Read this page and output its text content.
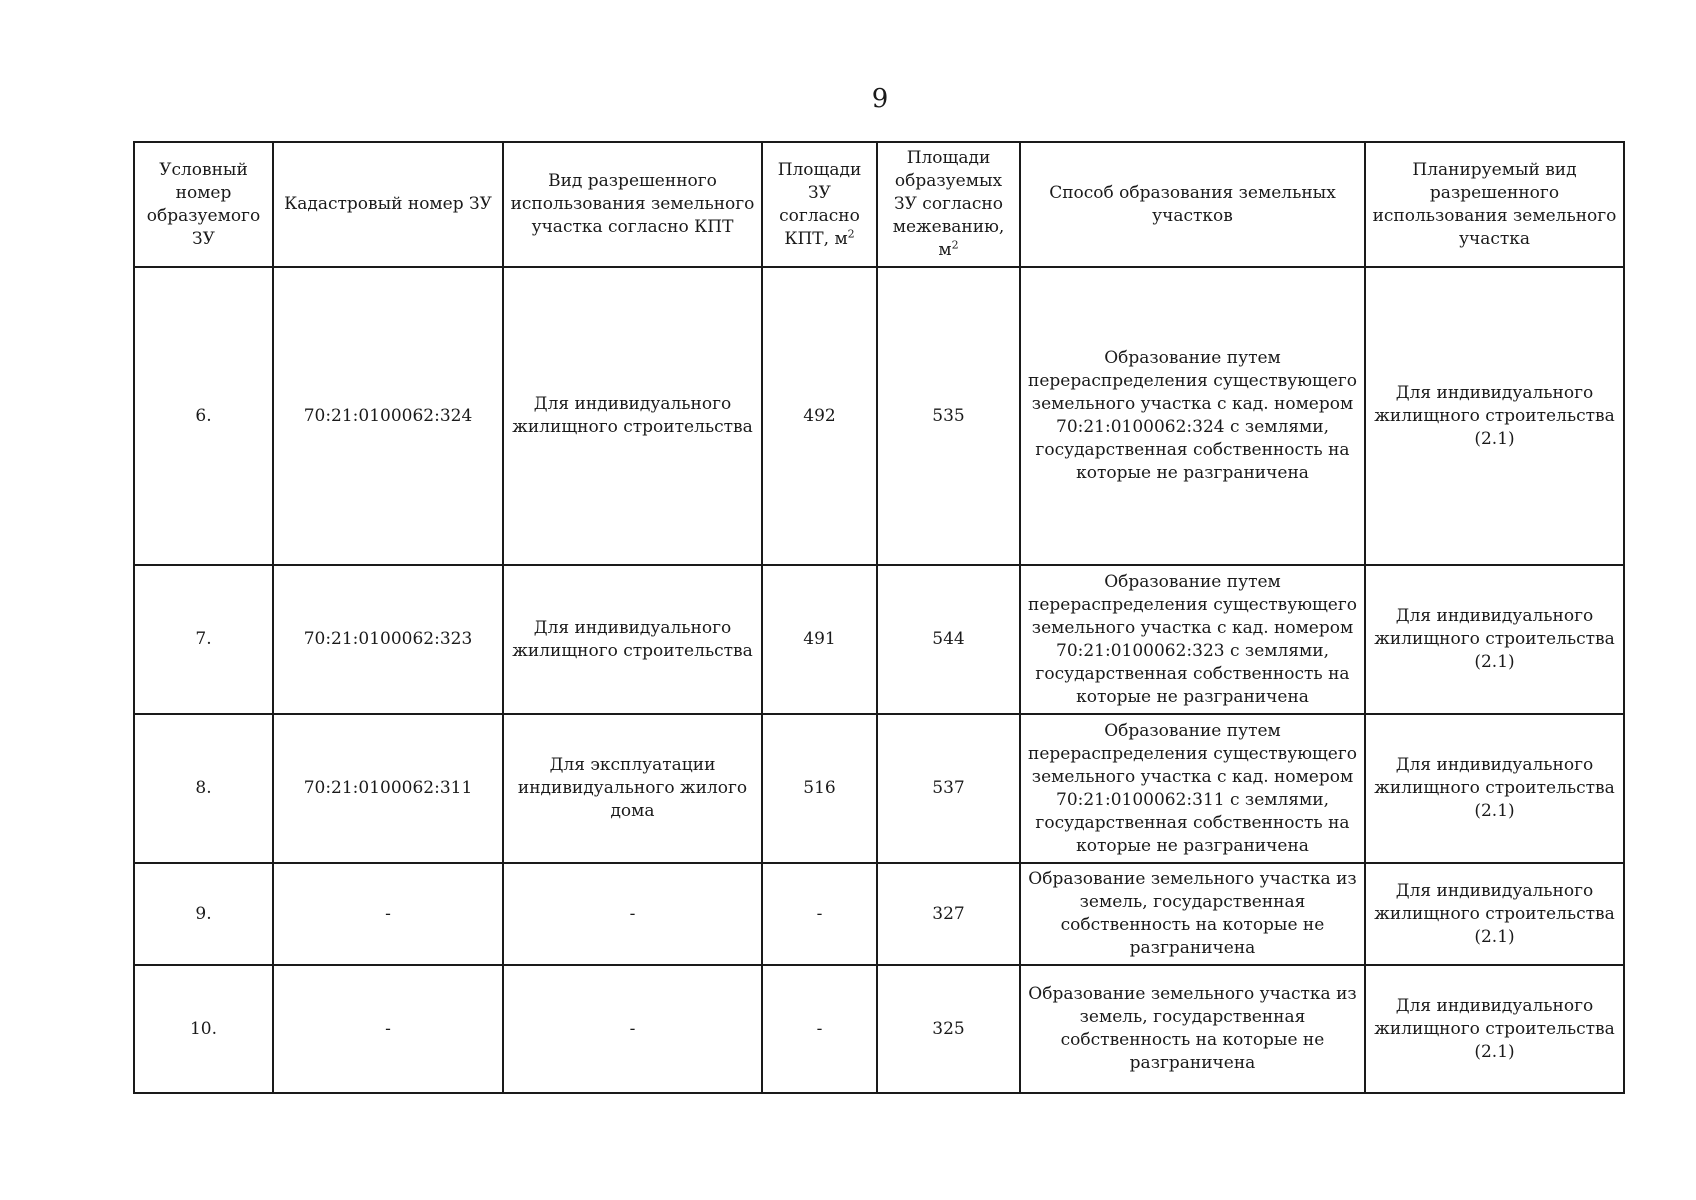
9
Условный номер образуемого ЗУ	Кадастровый номер ЗУ	Вид разрешенного использования земельного участка согласно КПТ	Площади ЗУ согласно КПТ, $м^2$	Площади образуемых ЗУ согласно межеванию, $м^2$	Способ образования земельных участков	Планируемый вид разрешенного использования земельного участка
6.	70:21:0100062:324	Для индивидуального жилищного строительства	492	535	Образование путем перераспределения существующего земельного участка с кад. номером 70:21:0100062:324 с землями, государственная собственность на которые не разграничена	Для индивидуального жилищного строительства (2.1)
7.	70:21:0100062:323	Для индивидуального жилищного строительства	491	544	Образование путем перераспределения существующего земельного участка с кад. номером 70:21:0100062:323 с землями, государственная собственность на которые не разграничена	Для индивидуального жилищного строительства (2.1)
8.	70:21:0100062:311	Для эксплуатации индивидуального жилого дома	516	537	Образование путем перераспределения существующего земельного участка с кад. номером 70:21:0100062:311 с землями, государственная собственность на которые не разграничена	Для индивидуального жилищного строительства (2.1)
9.	-	-	-	327	Образование земельного участка из земель, государственная собственность на которые не разграничена	Для индивидуального жилищного строительства (2.1)
10.	-	-	-	325	Образование земельного участка из земель, государственная собственность на которые не разграничена	Для индивидуального жилищного строительства (2.1)
